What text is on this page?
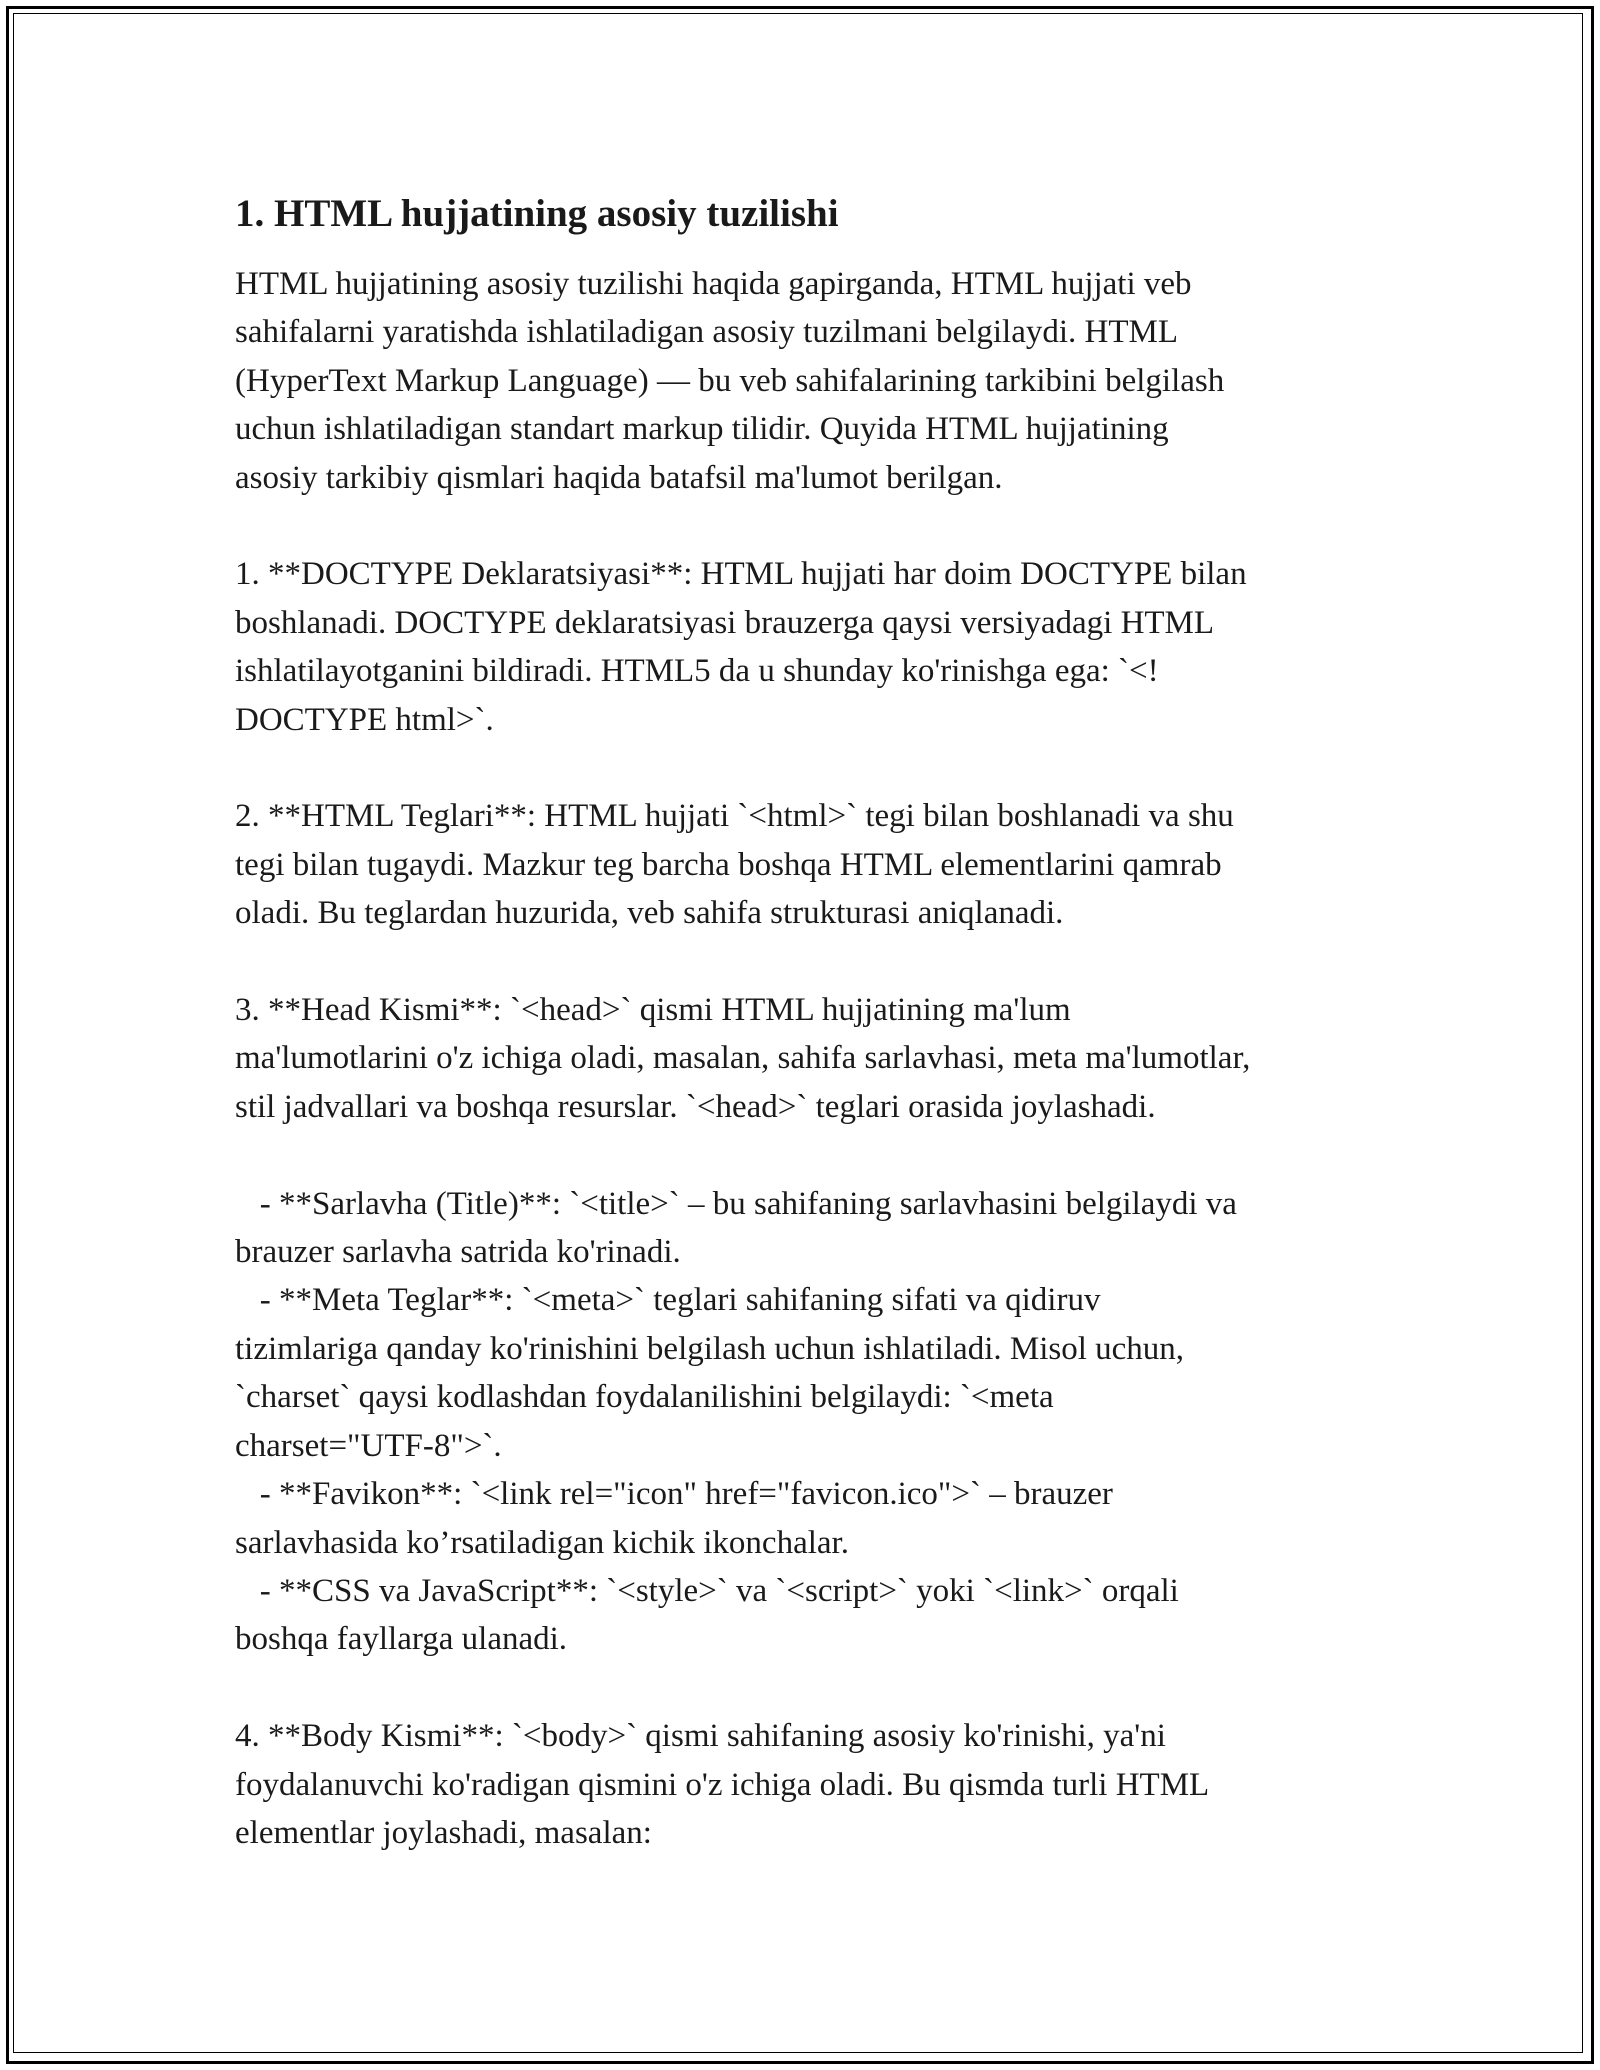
1. HTML hujjatining asosiy tuzilishi

HTML hujjatining asosiy tuzilishi haqida gapirganda, HTML hujjati veb
sahifalarni yaratishda ishlatiladigan asosiy tuzilmani belgilaydi. HTML
(HyperText Markup Language) — bu veb sahifalarining tarkibini belgilash
uchun ishlatiladigan standart markup tilidir. Quyida HTML hujjatining
asosiy tarkibiy qismlari haqida batafsil ma'lumot berilgan.

1. **DOCTYPE Deklaratsiyasi**: HTML hujjati har doim DOCTYPE bilan
boshlanadi. DOCTYPE deklaratsiyasi brauzerga qaysi versiyadagi HTML
ishlatilayotganini bildiradi. HTML5 da u shunday ko'rinishga ega: `<!
DOCTYPE html>`.

2. **HTML Teglari**: HTML hujjati `<html>` tegi bilan boshlanadi va shu
tegi bilan tugaydi. Mazkur teg barcha boshqa HTML elementlarini qamrab
oladi. Bu teglardan huzurida, veb sahifa strukturasi aniqlanadi.

3. **Head Kismi**: `<head>` qismi HTML hujjatining ma'lum
ma'lumotlarini o'z ichiga oladi, masalan, sahifa sarlavhasi, meta ma'lumotlar,
stil jadvallari va boshqa resurslar. `<head>` teglari orasida joylashadi.

- **Sarlavha (Title)**: `<title>` – bu sahifaning sarlavhasini belgilaydi va
brauzer sarlavha satrida ko'rinadi.
- **Meta Teglar**: `<meta>` teglari sahifaning sifati va qidiruv
tizimlariga qanday ko'rinishini belgilash uchun ishlatiladi. Misol uchun,
`charset` qaysi kodlashdan foydalanilishini belgilaydi: `<meta
charset="UTF-8">`.
- **Favikon**: `<link rel="icon" href="favicon.ico">` – brauzer
sarlavhasida ko’rsatiladigan kichik ikonchalar.
- **CSS va JavaScript**: `<style>` va `<script>` yoki `<link>` orqali
boshqa fayllarga ulanadi.

4. **Body Kismi**: `<body>` qismi sahifaning asosiy ko'rinishi, ya'ni
foydalanuvchi ko'radigan qismini o'z ichiga oladi. Bu qismda turli HTML
elementlar joylashadi, masalan:
